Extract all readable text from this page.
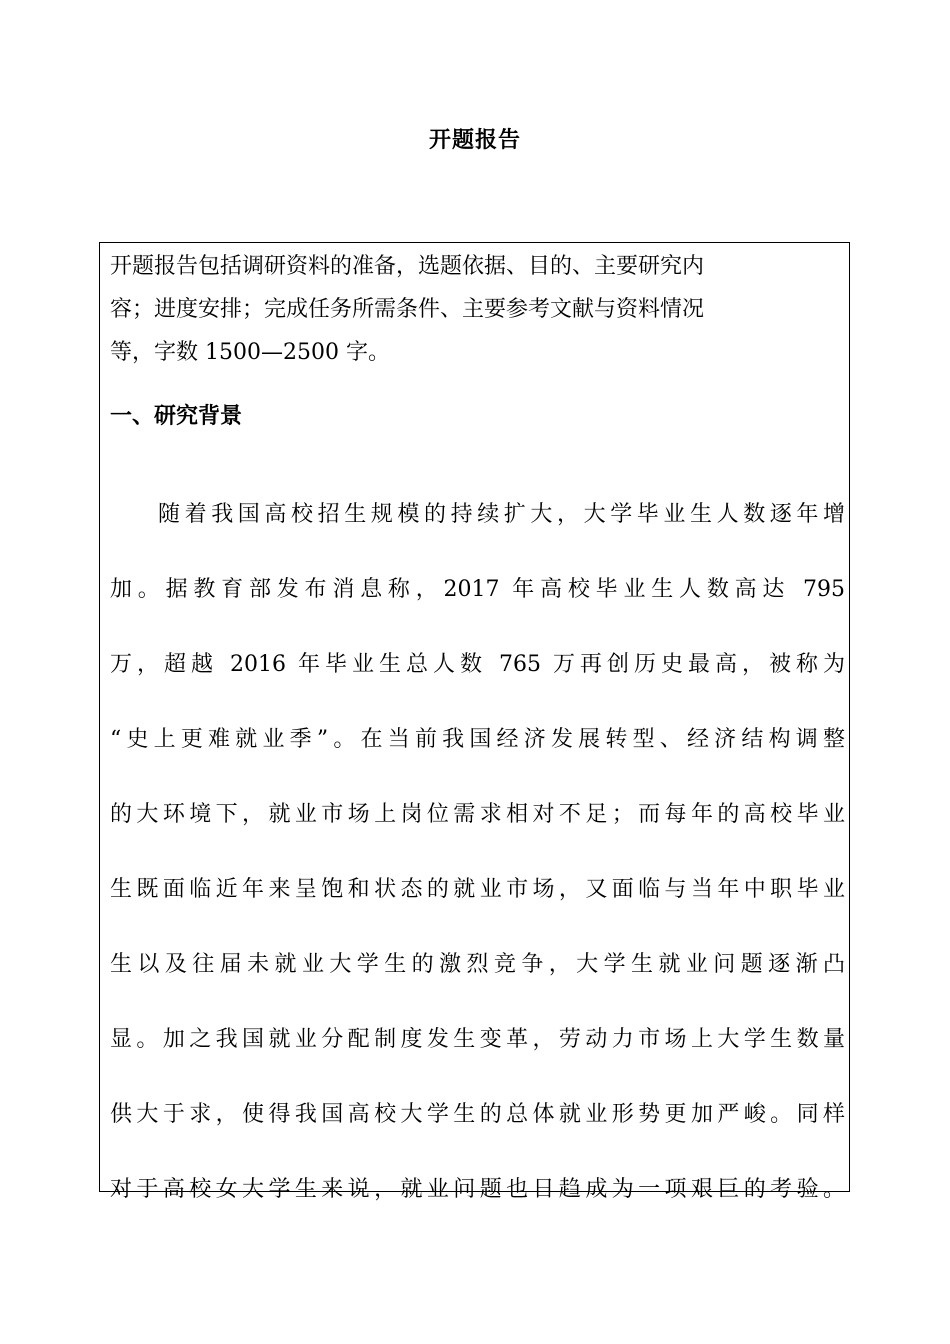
开题报告
开题报告包括调研资料的准备，选题依据、目的、主要研究内
容；进度安排；完成任务所需条件、主要参考文献与资料情况
等，字数 1500—2500 字。
一、研究背景
随着我国高校招生规模的持续扩大，大学毕业生人数逐年增
加。据教育部发布消息称，2017 年高校毕业生人数高达 795
万，超越 2016 年毕业生总人数 765 万再创历史最高，被称为
“史上更难就业季”。在当前我国经济发展转型、经济结构调整
的大环境下，就业市场上岗位需求相对不足；而每年的高校毕业
生既面临近年来呈饱和状态的就业市场，又面临与当年中职毕业
生以及往届未就业大学生的激烈竞争，大学生就业问题逐渐凸
显。加之我国就业分配制度发生变革，劳动力市场上大学生数量
供大于求，使得我国高校大学生的总体就业形势更加严峻。同样
对于高校女大学生来说，就业问题也日趋成为一项艰巨的考验。
